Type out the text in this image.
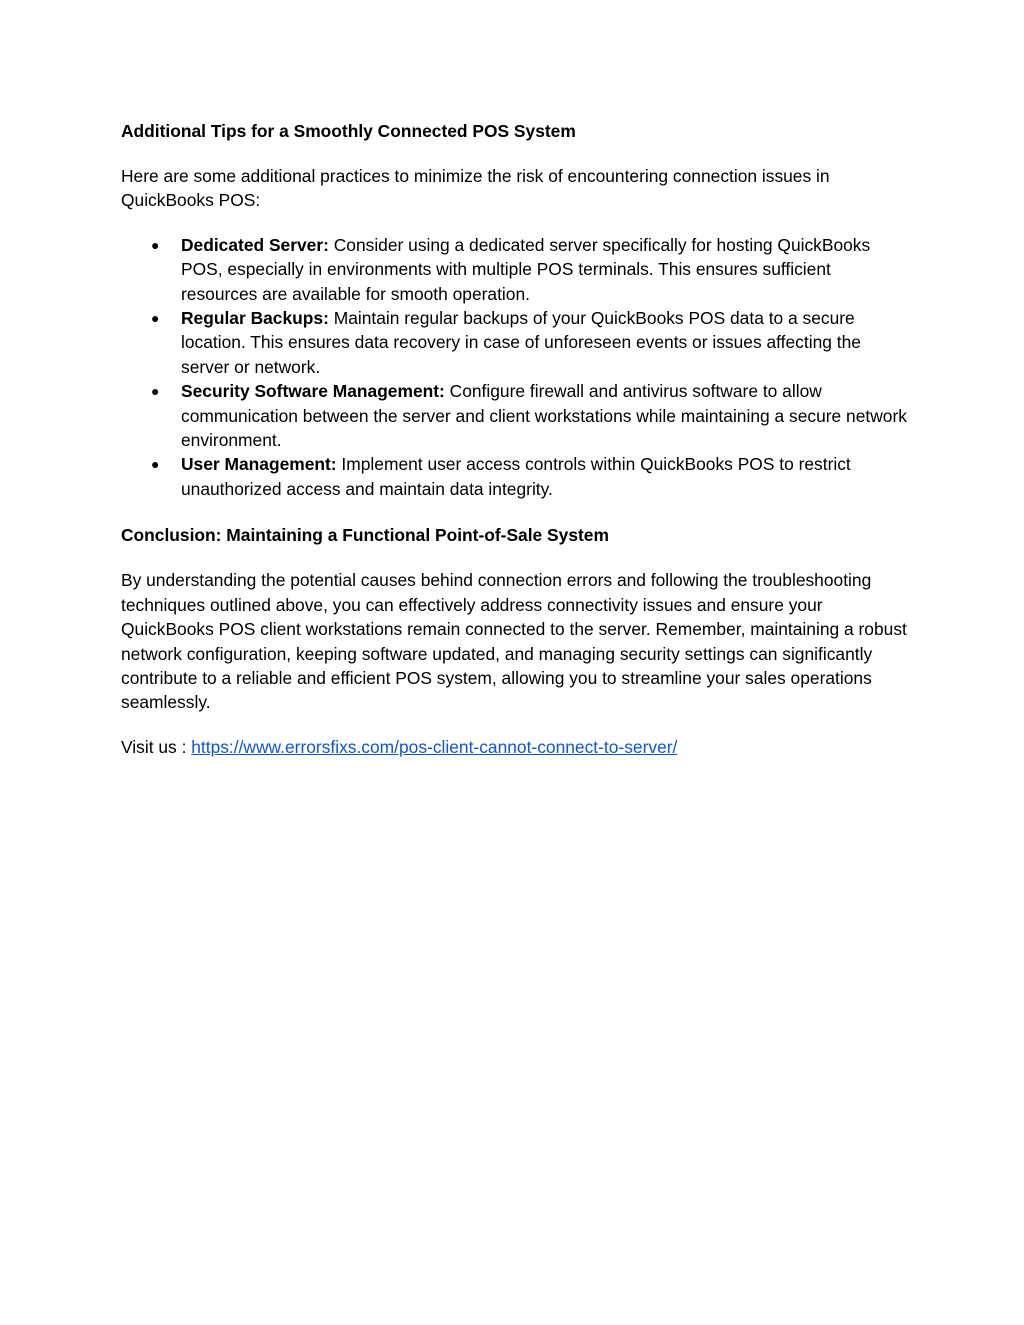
Additional Tips for a Smoothly Connected POS System

Here are some additional practices to minimize the risk of encountering connection issues in QuickBooks POS:

● Dedicated Server: Consider using a dedicated server specifically for hosting QuickBooks POS, especially in environments with multiple POS terminals. This ensures sufficient resources are available for smooth operation.
● Regular Backups: Maintain regular backups of your QuickBooks POS data to a secure location. This ensures data recovery in case of unforeseen events or issues affecting the server or network.
● Security Software Management: Configure firewall and antivirus software to allow communication between the server and client workstations while maintaining a secure network environment.
● User Management: Implement user access controls within QuickBooks POS to restrict unauthorized access and maintain data integrity.

Conclusion: Maintaining a Functional Point-of-Sale System

By understanding the potential causes behind connection errors and following the troubleshooting techniques outlined above, you can effectively address connectivity issues and ensure your QuickBooks POS client workstations remain connected to the server. Remember, maintaining a robust network configuration, keeping software updated, and managing security settings can significantly contribute to a reliable and efficient POS system, allowing you to streamline your sales operations seamlessly.

Visit us : https://www.errorsfixs.com/pos-client-cannot-connect-to-server/
